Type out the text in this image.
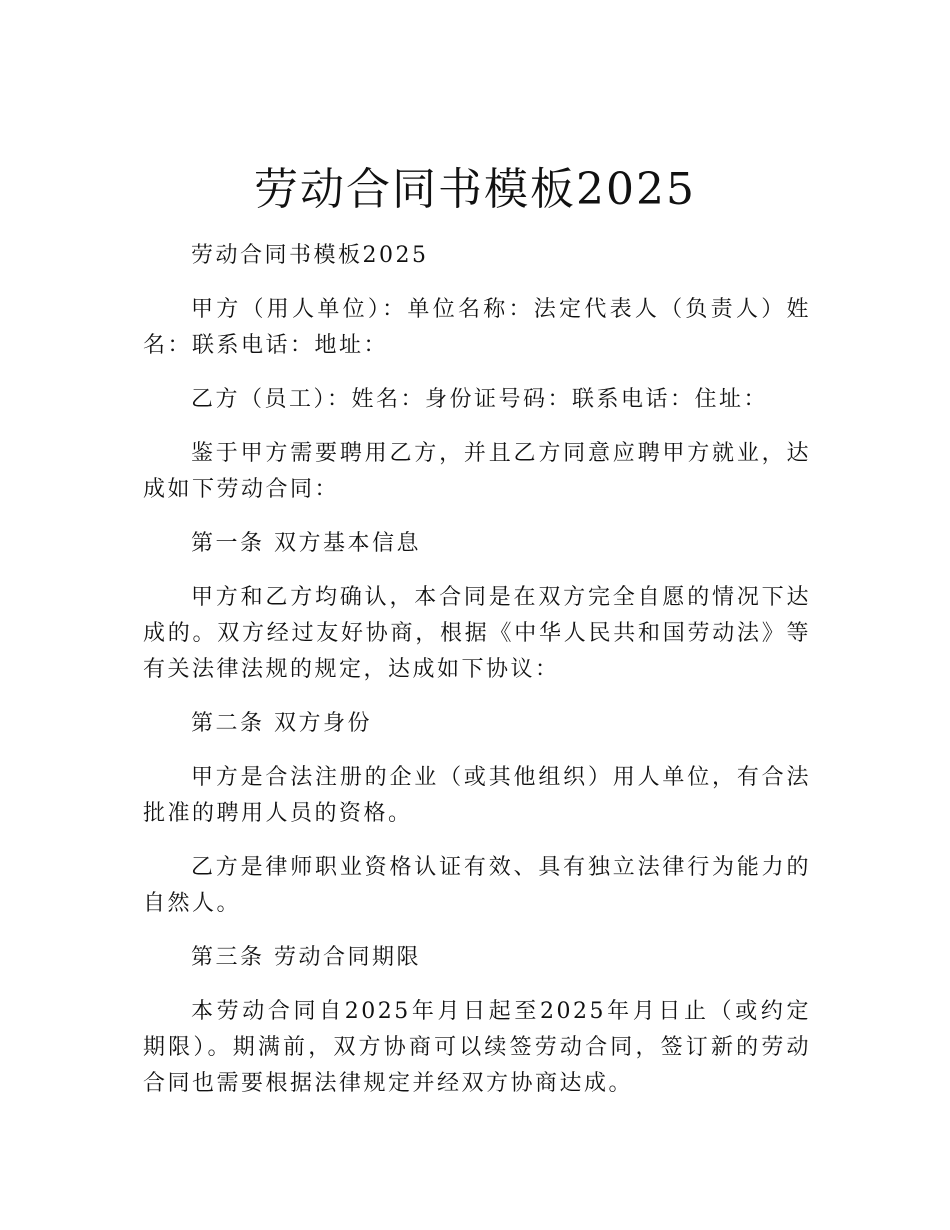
劳动合同书模板2025

劳动合同书模板2025

甲方（用人单位）：单位名称：法定代表人（负责人）姓名：联系电话：地址：

乙方（员工）：姓名：身份证号码：联系电话：住址：

鉴于甲方需要聘用乙方，并且乙方同意应聘甲方就业，达成如下劳动合同：

第一条 双方基本信息

甲方和乙方均确认，本合同是在双方完全自愿的情况下达成的。双方经过友好协商，根据《中华人民共和国劳动法》等有关法律法规的规定，达成如下协议：

第二条 双方身份

甲方是合法注册的企业（或其他组织）用人单位，有合法批准的聘用人员的资格。

乙方是律师职业资格认证有效、具有独立法律行为能力的自然人。

第三条 劳动合同期限

本劳动合同自2025年月日起至2025年月日止（或约定期限）。期满前，双方协商可以续签劳动合同，签订新的劳动合同也需要根据法律规定并经双方协商达成。
